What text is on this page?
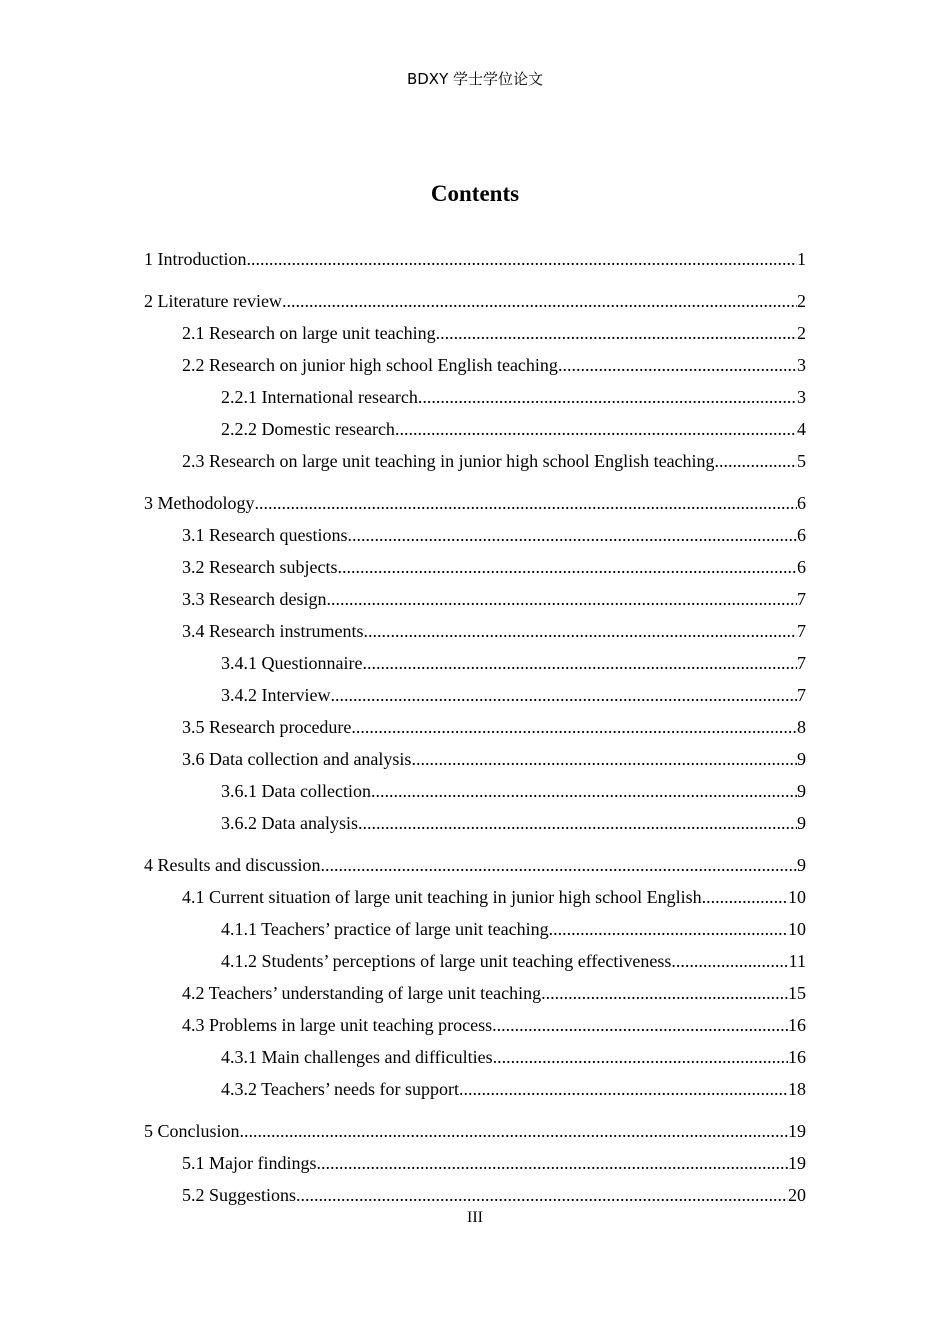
BDXY 学士学位论文
Contents
1 Introduction .....	1
2 Literature review .....	2
2.1 Research on large unit teaching .....	2
2.2 Research on junior high school English teaching .....	3
2.2.1 International research .....	3
2.2.2 Domestic research .....	4
2.3 Research on large unit teaching in junior high school English teaching .....	5
3 Methodology .....	6
3.1 Research questions .....	6
3.2 Research subjects .....	6
3.3 Research design .....	7
3.4 Research instruments .....	7
3.4.1 Questionnaire .....	7
3.4.2 Interview .....	7
3.5 Research procedure .....	8
3.6 Data collection and analysis .....	9
3.6.1 Data collection .....	9
3.6.2 Data analysis .....	9
4 Results and discussion .....	9
4.1 Current situation of large unit teaching in junior high school English .....	10
4.1.1 Teachers’ practice of large unit teaching .....	10
4.1.2 Students’ perceptions of large unit teaching effectiveness .....	11
4.2 Teachers’ understanding of large unit teaching .....	15
4.3 Problems in large unit teaching process .....	16
4.3.1 Main challenges and difficulties .....	16
4.3.2 Teachers’ needs for support .....	18
5 Conclusion .....	19
5.1 Major findings .....	19
5.2 Suggestions .....	20
III
